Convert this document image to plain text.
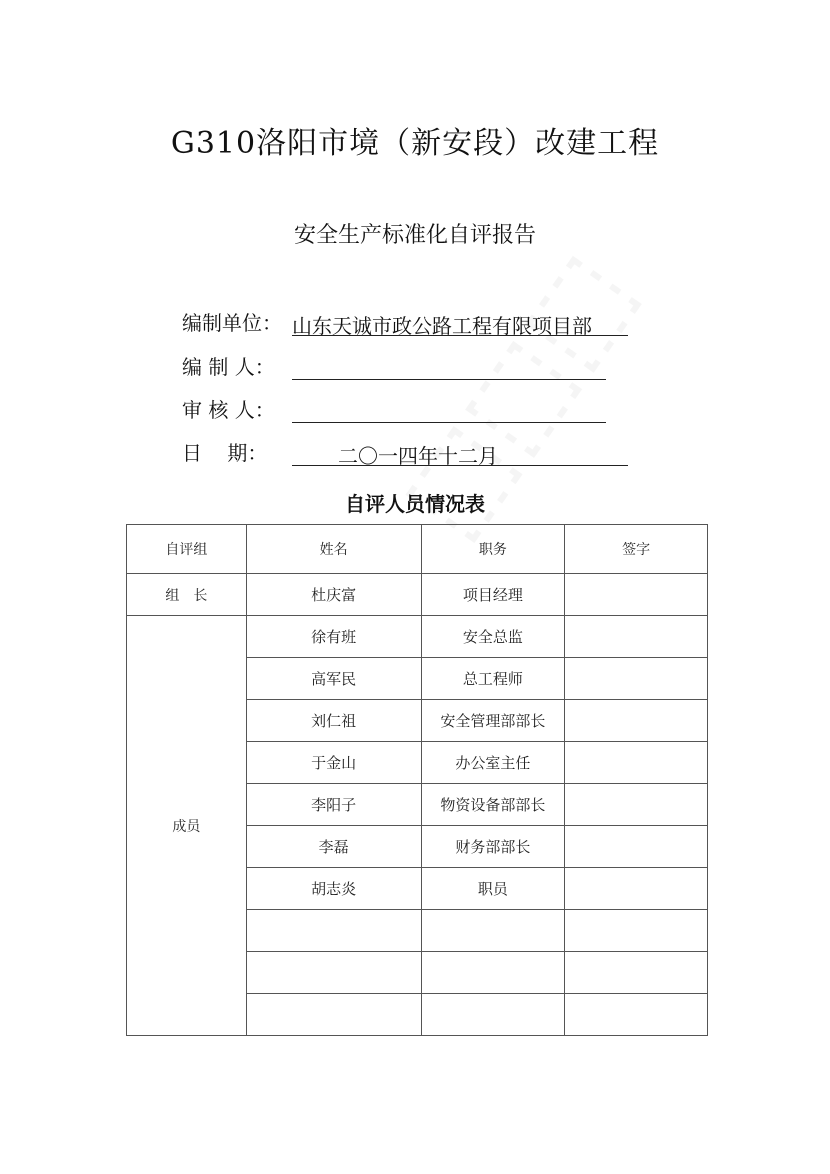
G310洛阳市境（新安段）改建工程
安全生产标准化自评报告
编制单位： 山东天诚市政公路工程有限项目部
编 制 人：
审 核 人：
日    期：	二〇一四年十二月
自评人员情况表
自评组	姓名	职务	签字
组　长	杜庆富	项目经理	
成员	徐有班	安全总监	
	高军民	总工程师	
	刘仁祖	安全管理部部长	
	于金山	办公室主任	
	李阳子	物资设备部部长	
	李磊	财务部部长	
	胡志炎	职员	
